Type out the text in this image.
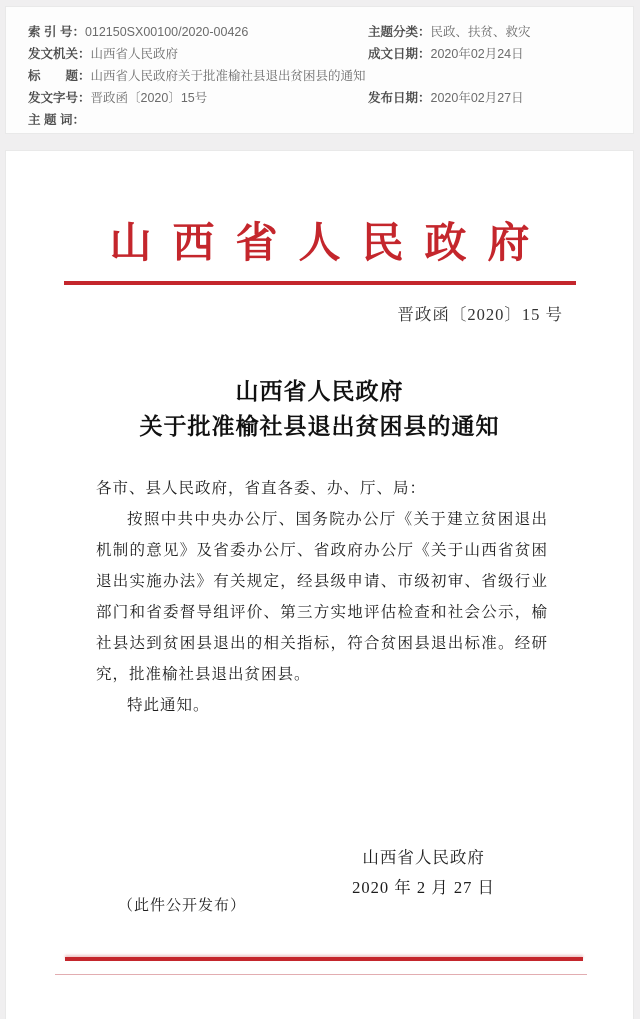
索 引 号：012150SX00100/2020-00426	主题分类：民政、扶贫、救灾
发文机关：山西省人民政府	成文日期：2020年02月24日
标　　题：山西省人民政府关于批准榆社县退出贫困县的通知
发文字号：晋政函〔2020〕15号	发布日期：2020年02月27日
主 题 词：
山西省人民政府
晋政函〔2020〕15 号
山西省人民政府
关于批准榆社县退出贫困县的通知

各市、县人民政府，省直各委、办、厅、局：

按照中共中央办公厅、国务院办公厅《关于建立贫困退出机制的意见》及省委办公厅、省政府办公厅《关于山西省贫困退出实施办法》有关规定，经县级申请、市级初审、省级行业部门和省委督导组评价、第三方实地评估检查和社会公示，榆社县达到贫困县退出的相关指标，符合贫困县退出标准。经研究，批准榆社县退出贫困县。

特此通知。

山西省人民政府
2020 年 2 月 27 日
（此件公开发布）
